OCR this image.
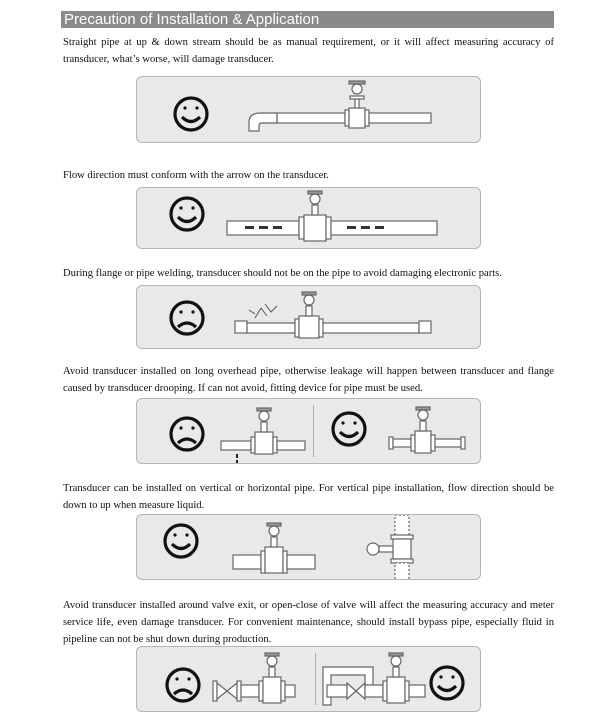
Precaution of Installation & Application

Straight pipe at up & down stream should be as manual requirement, or it will affect measuring accuracy of transducer, what’s worse, will damage transducer.

Flow direction must conform with the arrow on the transducer.

During flange or pipe welding, transducer should not be on the pipe to avoid damaging electronic parts.

Avoid transducer installed on long overhead pipe, otherwise leakage will happen between transducer and flange caused by transducer drooping. If can not avoid, fitting device for pipe must be used.

Transducer can be installed on vertical or horizontal pipe. For vertical pipe installation, flow direction should be down to up when measure liquid.

Avoid transducer installed around valve exit, or open-close of valve will affect the measuring accuracy and meter service life, even damage transducer. For convenient maintenance, should install bypass pipe, especially fluid in pipeline can not be shut down during production.
